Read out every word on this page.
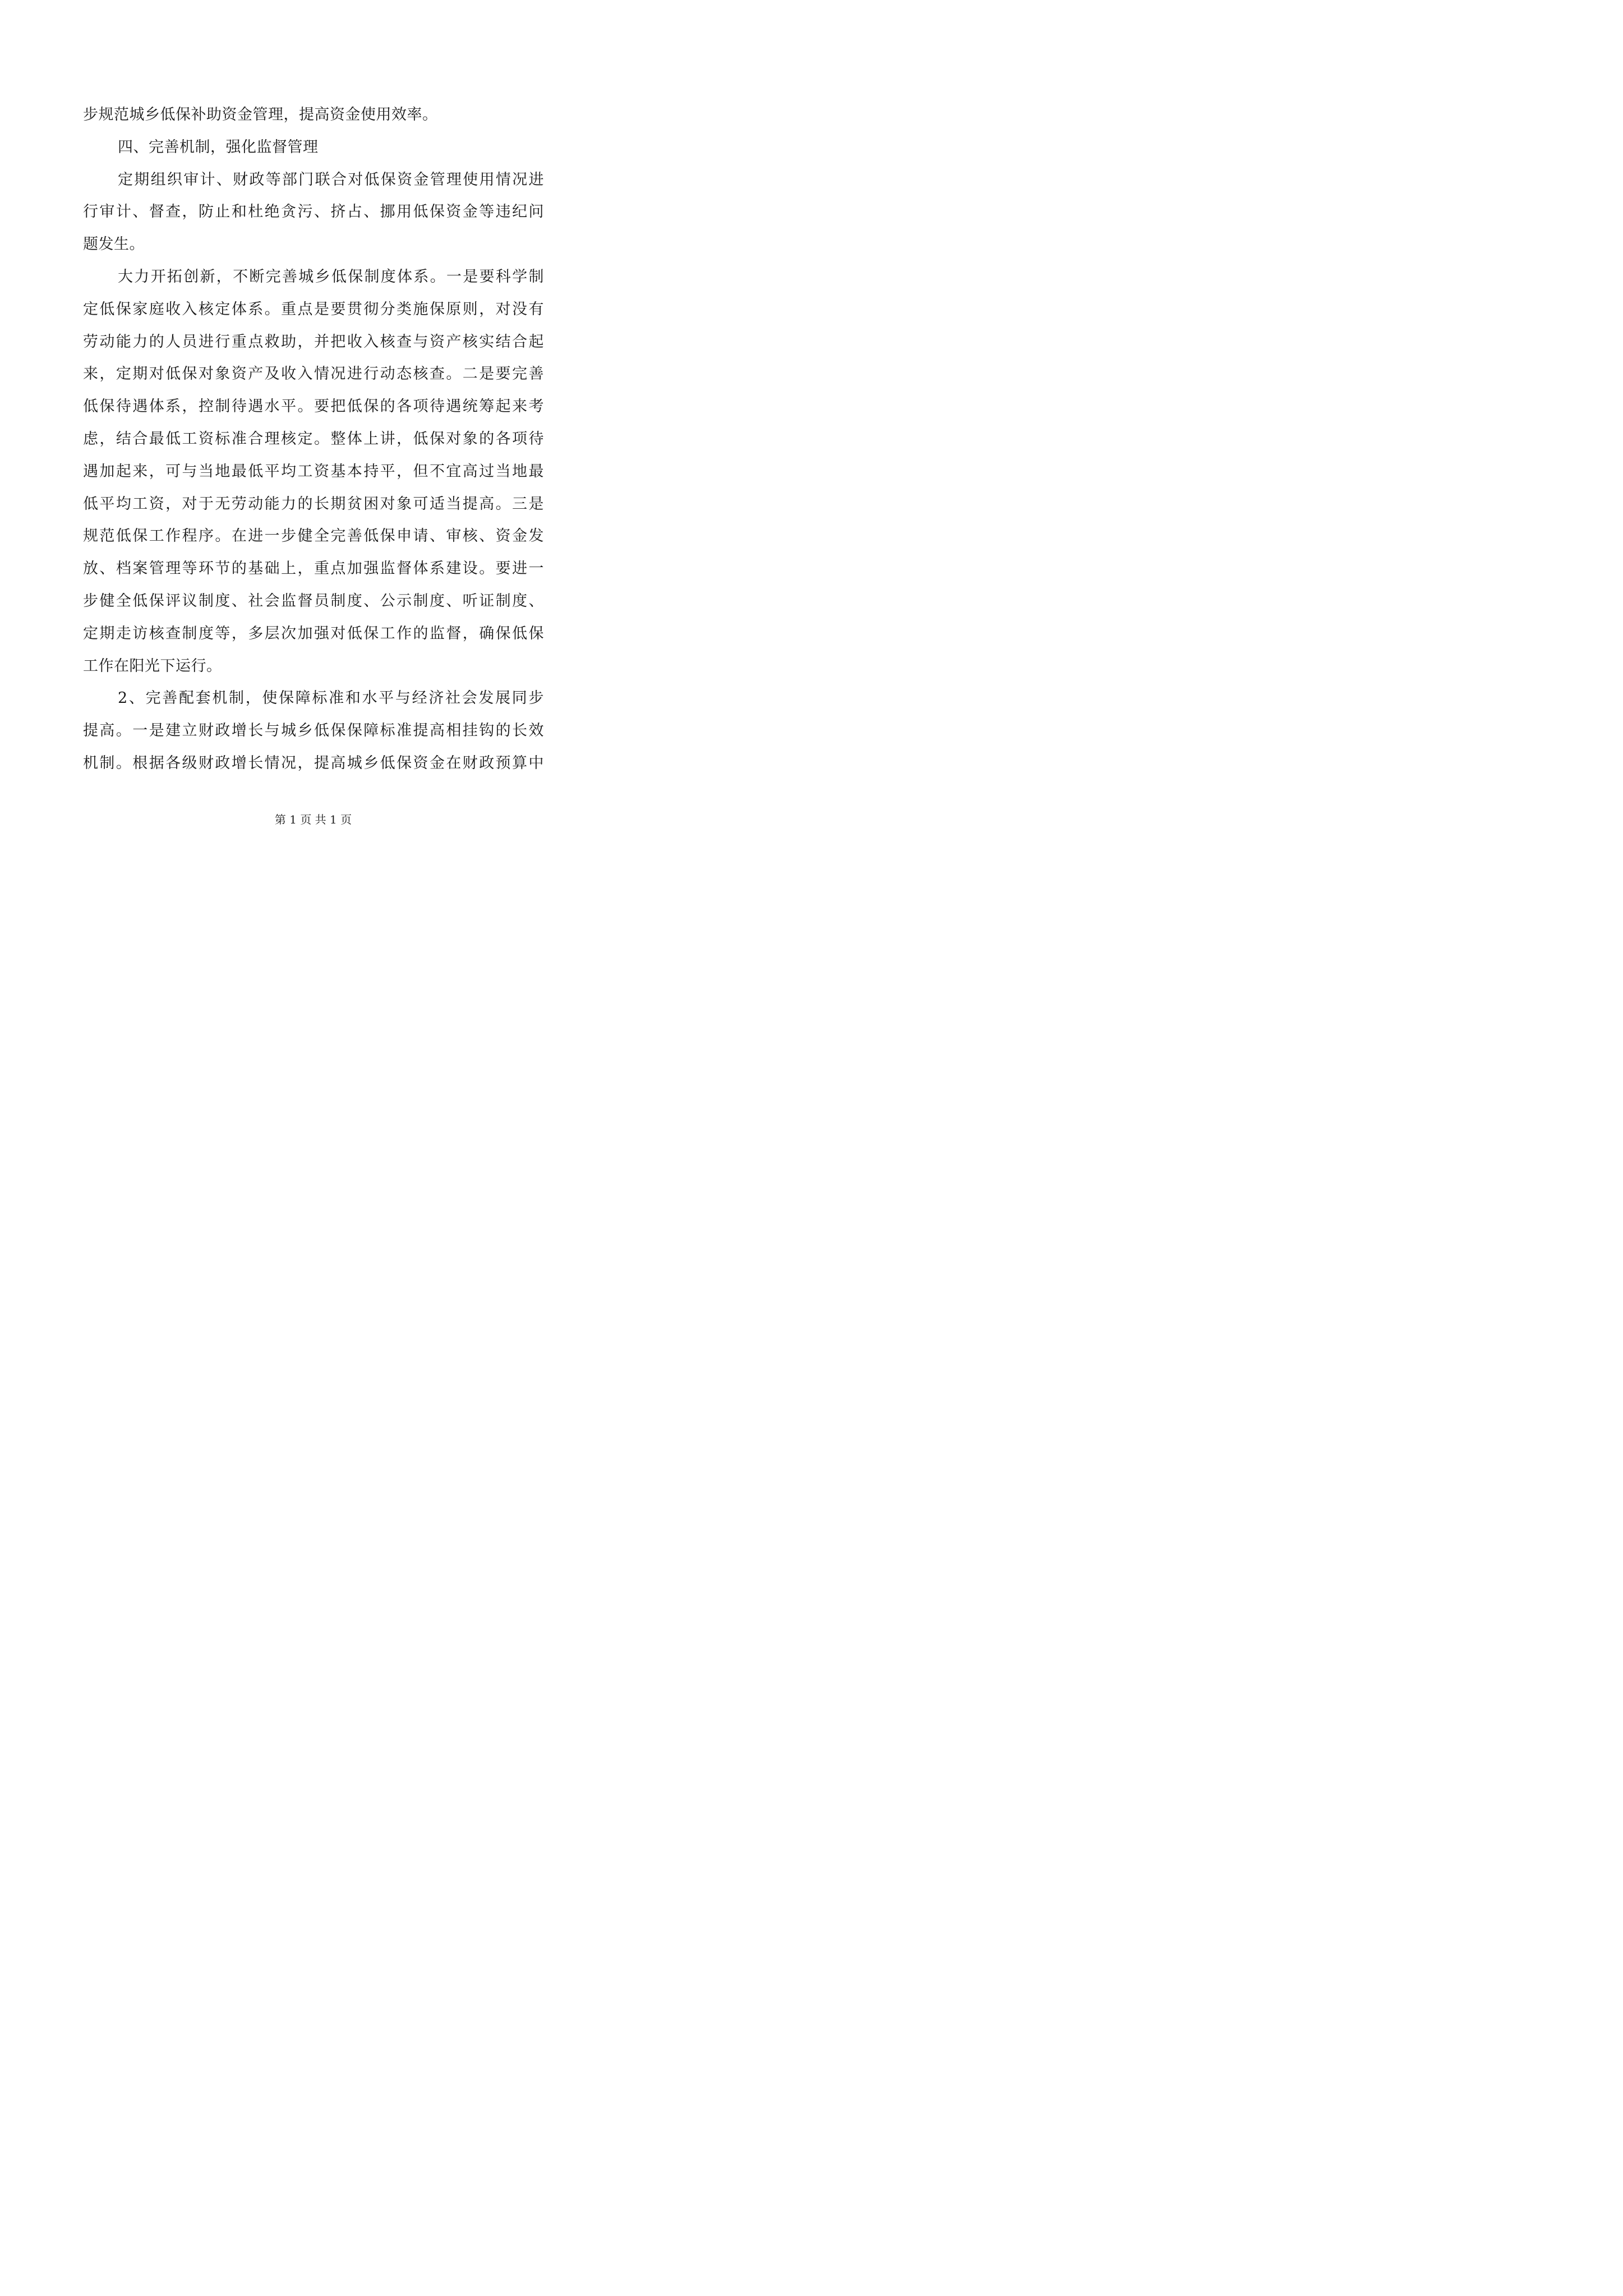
步规范城乡低保补助资金管理，提高资金使用效率。
四、完善机制，强化监督管理
定期组织审计、财政等部门联合对低保资金管理使用情况进
行审计、督查，防止和杜绝贪污、挤占、挪用低保资金等违纪问
题发生。
大力开拓创新，不断完善城乡低保制度体系。一是要科学制
定低保家庭收入核定体系。重点是要贯彻分类施保原则，对没有
劳动能力的人员进行重点救助，并把收入核查与资产核实结合起
来，定期对低保对象资产及收入情况进行动态核查。二是要完善
低保待遇体系，控制待遇水平。要把低保的各项待遇统筹起来考
虑，结合最低工资标准合理核定。整体上讲，低保对象的各项待
遇加起来，可与当地最低平均工资基本持平，但不宜高过当地最
低平均工资，对于无劳动能力的长期贫困对象可适当提高。三是
规范低保工作程序。在进一步健全完善低保申请、审核、资金发
放、档案管理等环节的基础上，重点加强监督体系建设。要进一
步健全低保评议制度、社会监督员制度、公示制度、听证制度、
定期走访核查制度等，多层次加强对低保工作的监督，确保低保
工作在阳光下运行。
2、完善配套机制，使保障标准和水平与经济社会发展同步
提高。一是建立财政增长与城乡低保保障标准提高相挂钩的长效
机制。根据各级财政增长情况，提高城乡低保资金在财政预算中
第 1 页 共 1 页
